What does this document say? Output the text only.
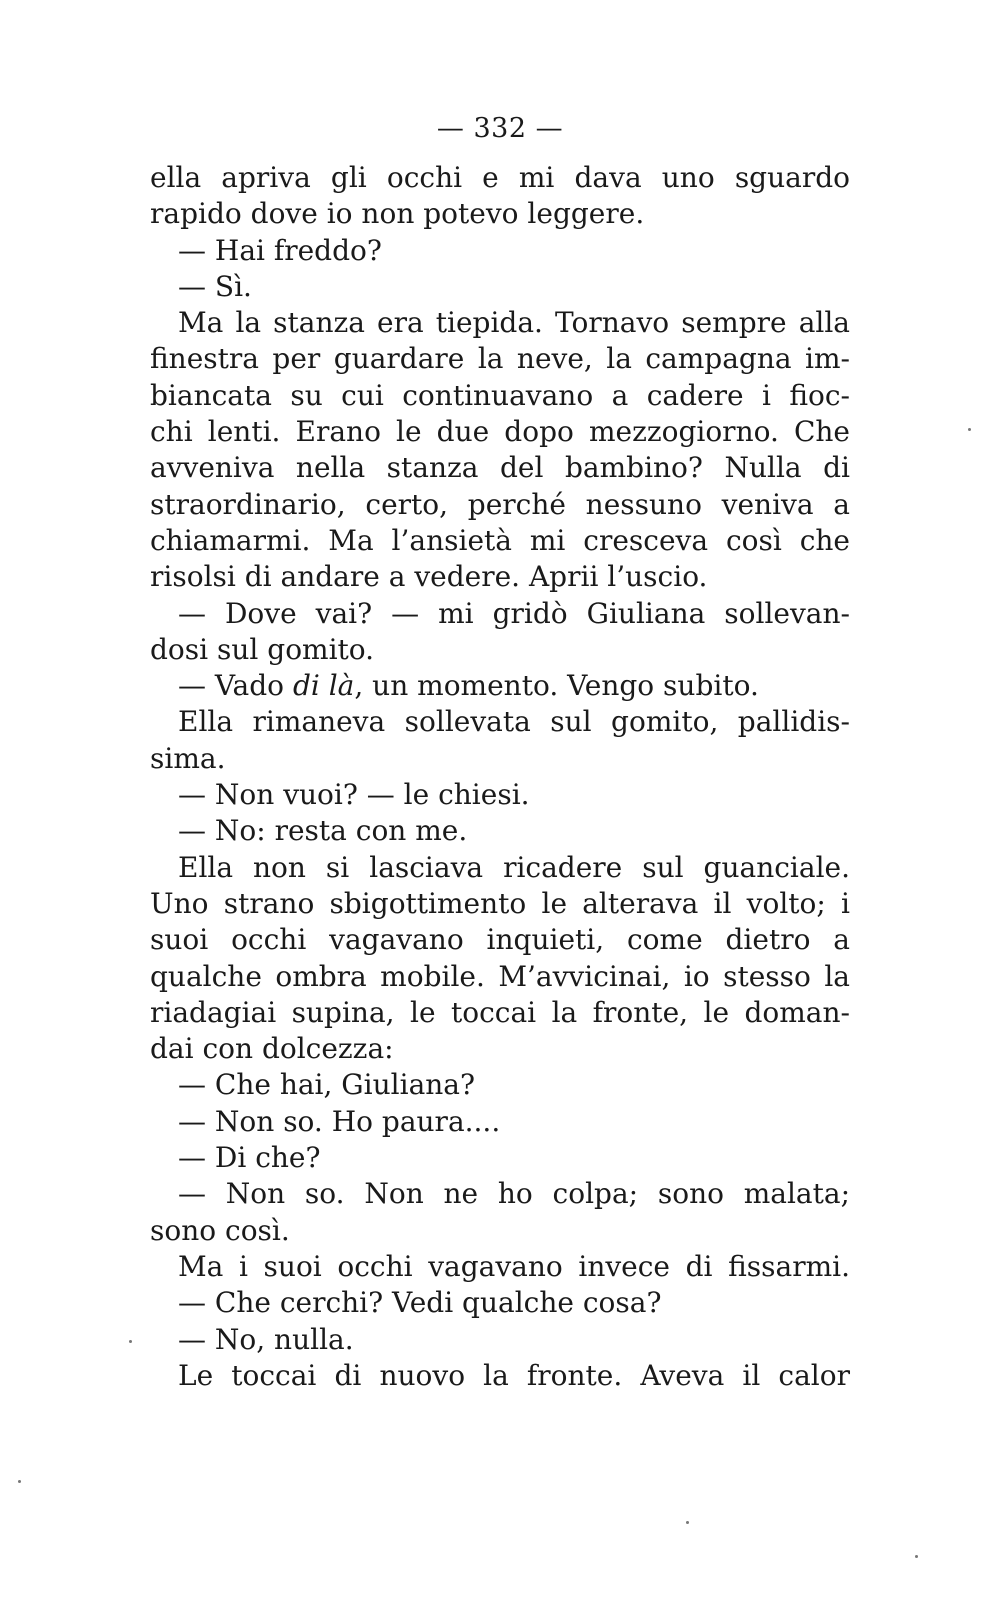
— 332 —
ella apriva gli occhi e mi dava uno sguardo
rapido dove io non potevo leggere.
— Hai freddo?
— Sì.
Ma la stanza era tiepida. Tornavo sempre alla
finestra per guardare la neve, la campagna im-
biancata su cui continuavano a cadere i fioc-
chi lenti. Erano le due dopo mezzogiorno. Che
avveniva nella stanza del bambino? Nulla di
straordinario, certo, perché nessuno veniva a
chiamarmi. Ma l’ansietà mi cresceva così che
risolsi di andare a vedere. Aprii l’uscio.
— Dove vai? — mi gridò Giuliana sollevan-
dosi sul gomito.
— Vado di là, un momento. Vengo subito.
Ella rimaneva sollevata sul gomito, pallidis-
sima.
— Non vuoi? — le chiesi.
— No: resta con me.
Ella non si lasciava ricadere sul guanciale.
Uno strano sbigottimento le alterava il volto; i
suoi occhi vagavano inquieti, come dietro a
qualche ombra mobile. M’avvicinai, io stesso la
riadagiai supina, le toccai la fronte, le doman-
dai con dolcezza:
— Che hai, Giuliana?
— Non so. Ho paura....
— Di che?
— Non so. Non ne ho colpa; sono malata;
sono così.
Ma i suoi occhi vagavano invece di fissarmi.
— Che cerchi? Vedi qualche cosa?
— No, nulla.
Le toccai di nuovo la fronte. Aveva il calor
